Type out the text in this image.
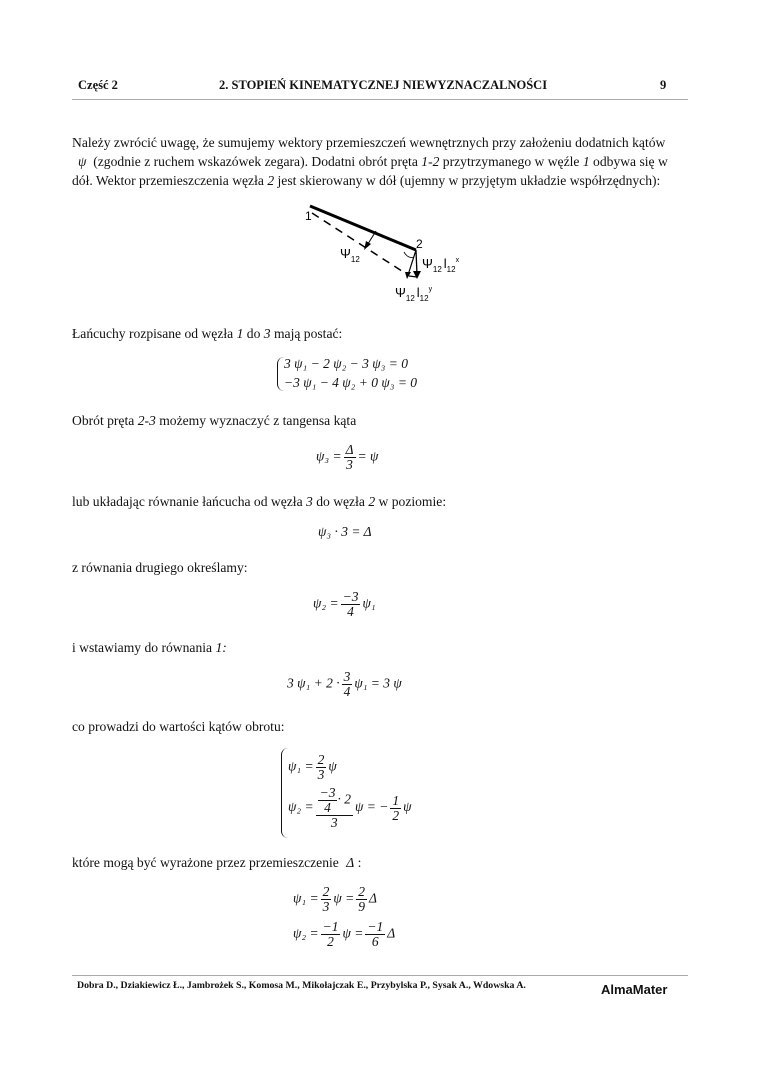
Część 2	2. STOPIEŃ KINEMATYCZNEJ NIEWYZNACZALNOŚCI	9
Należy zwrócić uwagę, że sumujemy wektory przemieszczeń wewnętrznych przy założeniu dodatnich kątów
ψ (zgodnie z ruchem wskazówek zegara). Dodatni obrót pręta 1-2 przytrzymanego w węźle 1 odbywa się w
dół. Wektor przemieszczenia węzła 2 jest skierowany w dół (ujemny w przyjętym układzie współrzędnych):
1
2
$\Psi_{12}$	$\Psi_{12}$ $l_{12}^x$
$\Psi_{12}$ $l_{12}^y$
Łańcuchy rozpisane od węzła 1 do 3 mają postać:
3 ψ₁ − 2 ψ₂ − 3 ψ₃ = 0
−3 ψ₁ − 4 ψ₂ + 0 ψ₃ = 0
Obrót pręta 2-3 możemy wyznaczyć z tangensa kąta
$\psi_3 = \frac{\Delta}{3} = \psi$
lub układając równanie łańcucha od węzła 3 do węzła 2 w poziomie:
ψ₃ · 3 = Δ
z równania drugiego określamy:
$\psi_2 = \frac{-3}{4} \psi_1$
i wstawiamy do równania 1:
3 $\psi_1 + 2 \cdot \frac{3}{4} \psi_1 = 3$ ψ
co prowadzi do wartości kątów obrotu:
$\psi_1 = \frac{2}{3}$ ψ
$\psi_2 = \frac{\frac{-3}{4} \cdot 2}{3}$ ψ = − $\frac{1}{2}$ ψ
które mogą być wyrażone przez przemieszczenie Δ :
$\psi_1 = \frac{2}{3}$ $\psi = \frac{2}{9}$ Δ
$\psi_2 = \frac{-1}{2}$ $\psi = \frac{-1}{6}$ Δ
Dobra D., Dziakiewicz Ł., Jambrożek S., Komosa M., Mikołajczak E., Przybylska P., Sysak A., Wdowska A.	AlmaMater
